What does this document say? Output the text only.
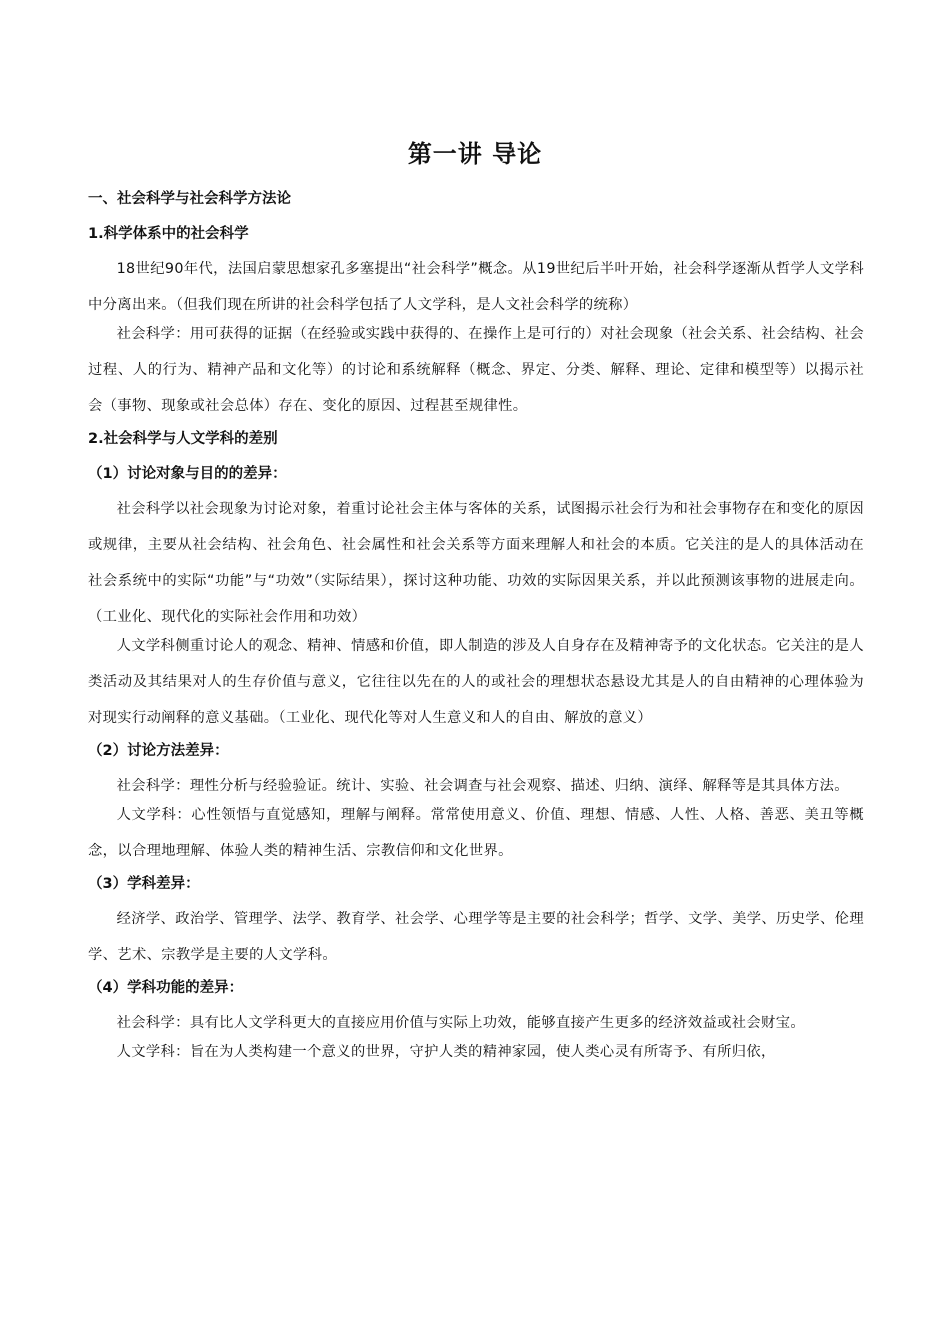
第一讲 导论
一、社会科学与社会科学方法论
1.科学体系中的社会科学
18世纪90年代，法国启蒙思想家孔多塞提出“社会科学”概念。从19世纪后半叶开始，社会科学逐渐从哲学人文学科中分离出来。（但我们现在所讲的社会科学包括了人文学科，是人文社会科学的统称）
社会科学：用可获得的证据（在经验或实践中获得的、在操作上是可行的）对社会现象（社会关系、社会结构、社会过程、人的行为、精神产品和文化等）的讨论和系统解释（概念、界定、分类、解释、理论、定律和模型等）以揭示社会（事物、现象或社会总体）存在、变化的原因、过程甚至规律性。
2.社会科学与人文学科的差别
（1）讨论对象与目的的差异：
社会科学以社会现象为讨论对象，着重讨论社会主体与客体的关系，试图揭示社会行为和社会事物存在和变化的原因或规律，主要从社会结构、社会角色、社会属性和社会关系等方面来理解人和社会的本质。它关注的是人的具体活动在社会系统中的实际“功能”与“功效”（实际结果），探讨这种功能、功效的实际因果关系，并以此预测该事物的进展走向。（工业化、现代化的实际社会作用和功效）
人文学科侧重讨论人的观念、精神、情感和价值，即人制造的涉及人自身存在及精神寄予的文化状态。它关注的是人类活动及其结果对人的生存价值与意义，它往往以先在的人的或社会的理想状态悬设尤其是人的自由精神的心理体验为对现实行动阐释的意义基础。（工业化、现代化等对人生意义和人的自由、解放的意义）
（2）讨论方法差异：
社会科学：理性分析与经验验证。统计、实验、社会调查与社会观察、描述、归纳、演绎、解释等是其具体方法。
人文学科：心性领悟与直觉感知，理解与阐释。常常使用意义、价值、理想、情感、人性、人格、善恶、美丑等概念，以合理地理解、体验人类的精神生活、宗教信仰和文化世界。
（3）学科差异：
经济学、政治学、管理学、法学、教育学、社会学、心理学等是主要的社会科学；哲学、文学、美学、历史学、伦理学、艺术、宗教学是主要的人文学科。
（4）学科功能的差异：
社会科学：具有比人文学科更大的直接应用价值与实际上功效，能够直接产生更多的经济效益或社会财宝。
人文学科：旨在为人类构建一个意义的世界，守护人类的精神家园，使人类心灵有所寄予、有所归依，
